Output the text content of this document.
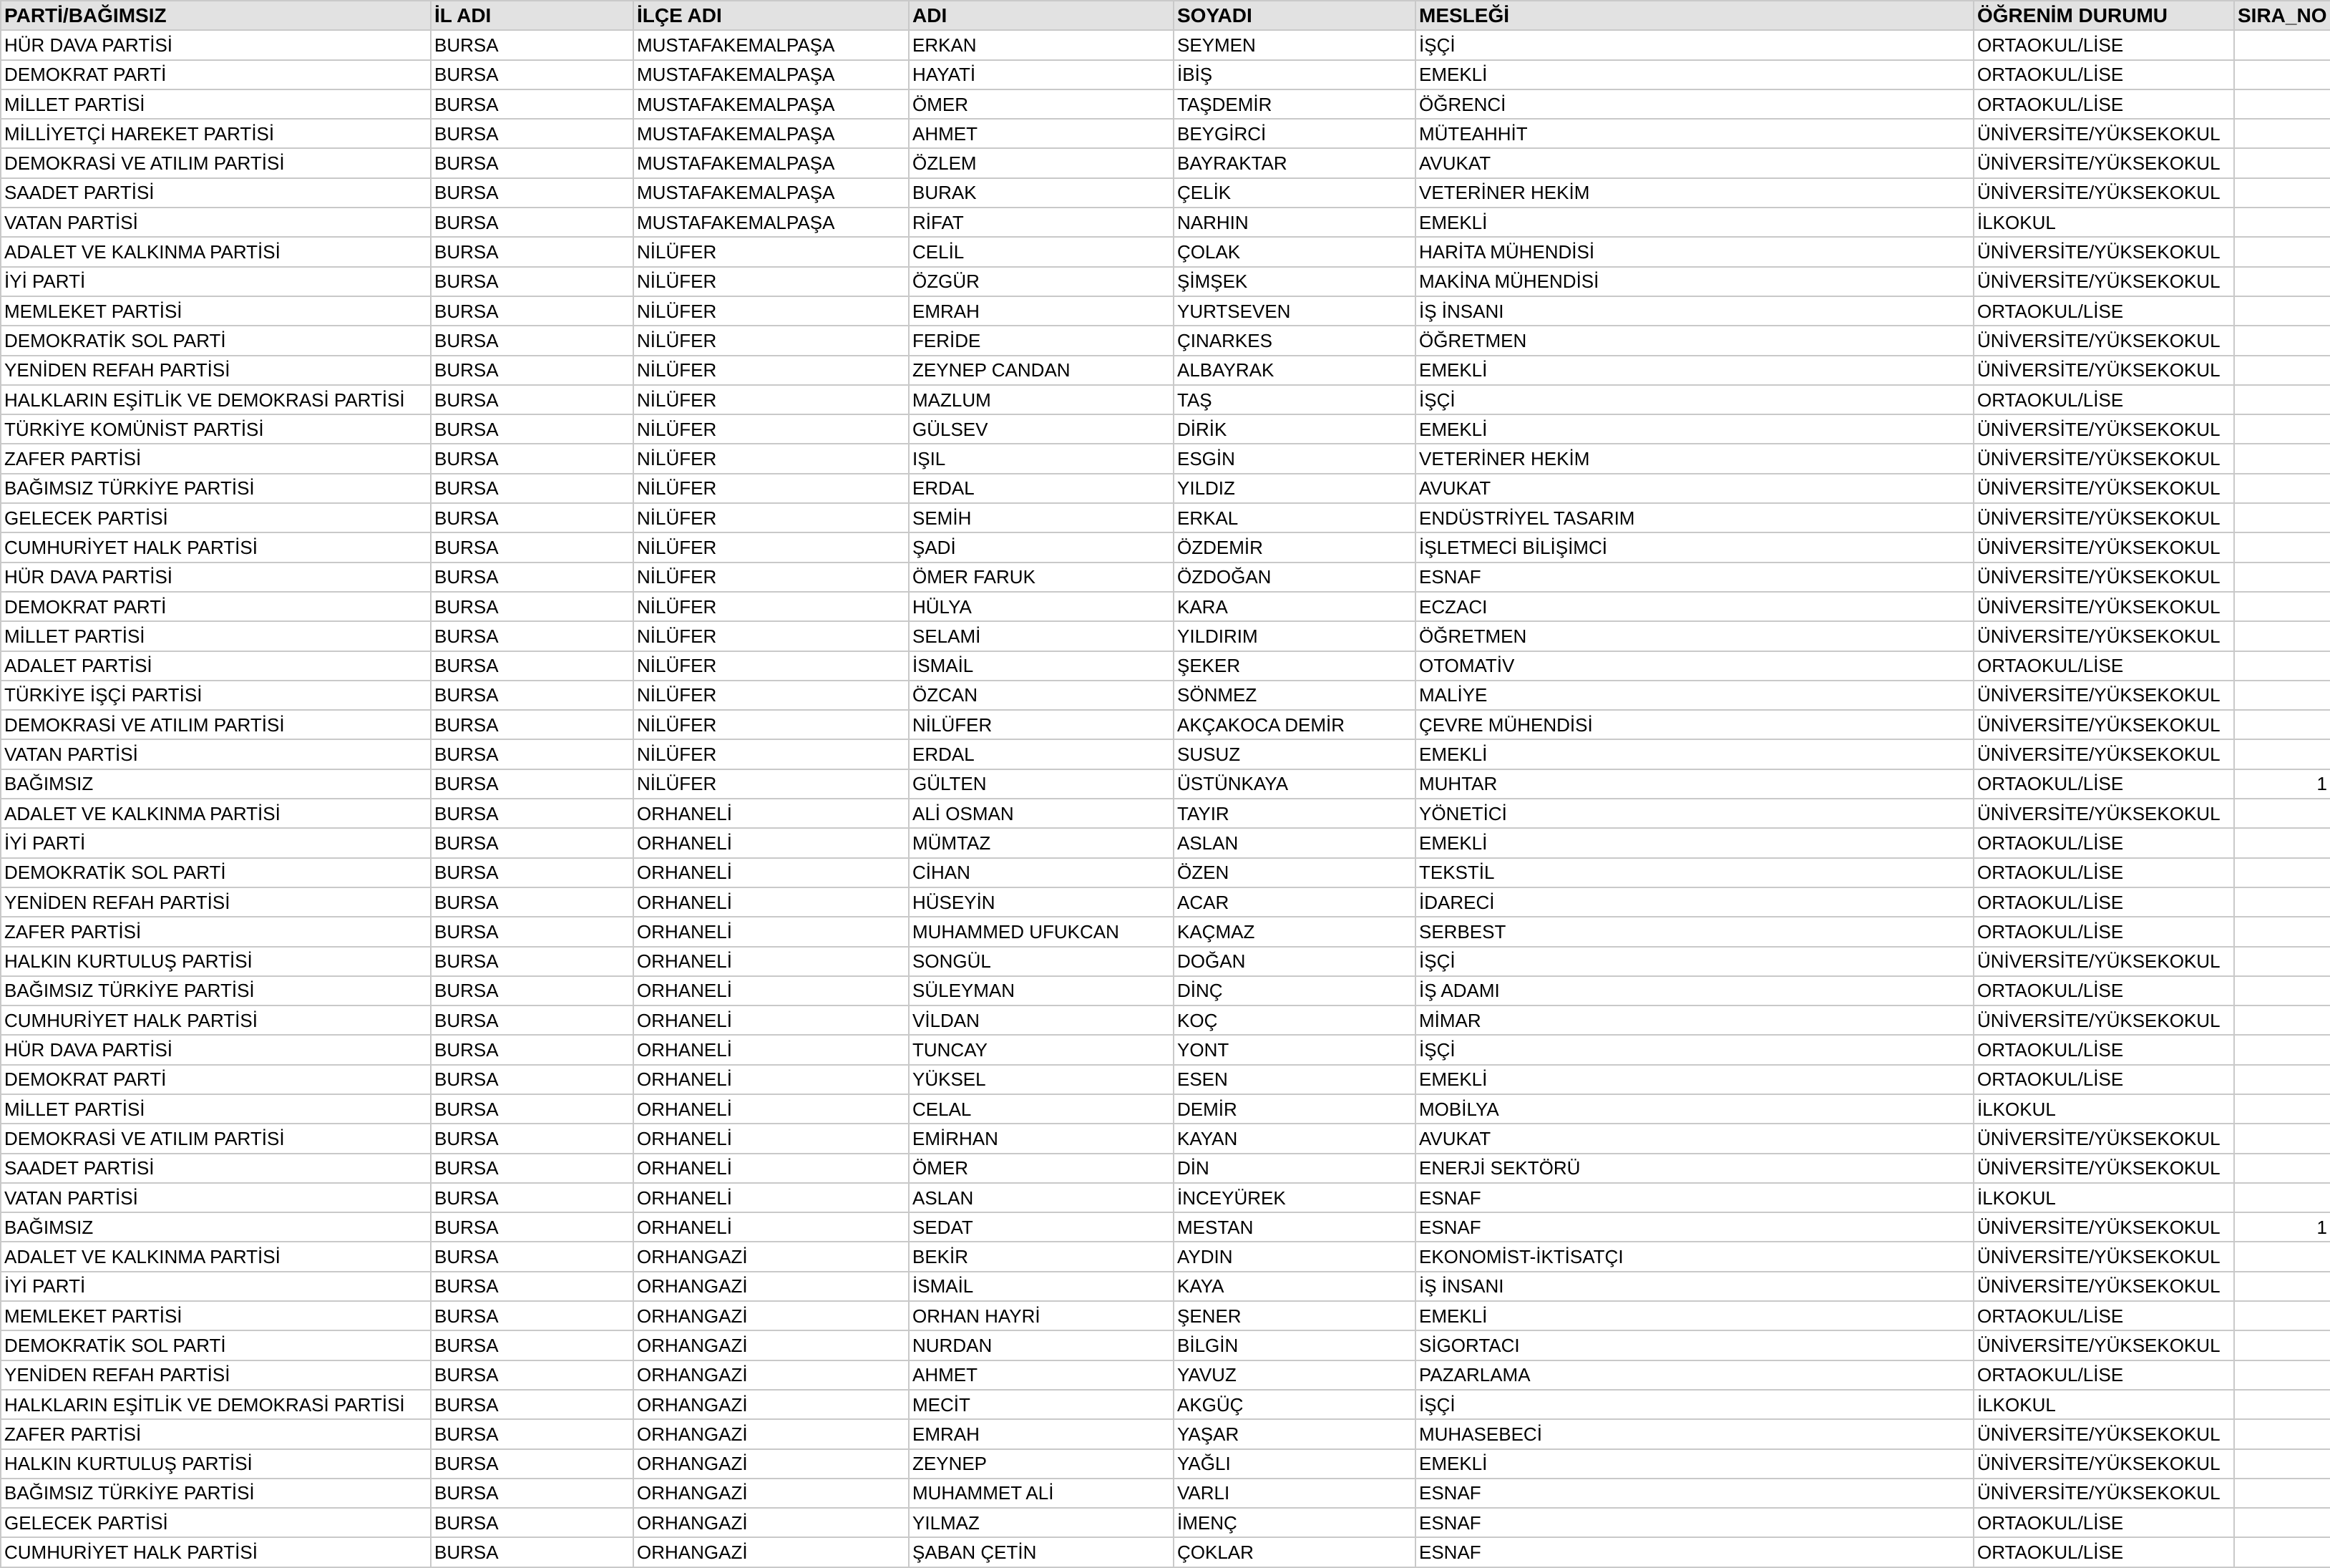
PARTİ/BAĞIMSIZ	İL ADI	İLÇE ADI	ADI	SOYADI	MESLEĞİ	ÖĞRENİM DURUMU	SIRA_NO
HÜR DAVA PARTİSİ	BURSA	MUSTAFAKEMALPAŞA	ERKAN	SEYMEN	İŞÇİ	ORTAOKUL/LİSE	
DEMOKRAT PARTİ	BURSA	MUSTAFAKEMALPAŞA	HAYATİ	İBİŞ	EMEKLİ	ORTAOKUL/LİSE	
MİLLET PARTİSİ	BURSA	MUSTAFAKEMALPAŞA	ÖMER	TAŞDEMİR	ÖĞRENCİ	ORTAOKUL/LİSE	
MİLLİYETÇİ HAREKET PARTİSİ	BURSA	MUSTAFAKEMALPAŞA	AHMET	BEYGİRCİ	MÜTEAHHİT	ÜNİVERSİTE/YÜKSEKOKUL	
DEMOKRASİ VE ATILIM PARTİSİ	BURSA	MUSTAFAKEMALPAŞA	ÖZLEM	BAYRAKTAR	AVUKAT	ÜNİVERSİTE/YÜKSEKOKUL	
SAADET PARTİSİ	BURSA	MUSTAFAKEMALPAŞA	BURAK	ÇELİK	VETERİNER HEKİM	ÜNİVERSİTE/YÜKSEKOKUL	
VATAN PARTİSİ	BURSA	MUSTAFAKEMALPAŞA	RİFAT	NARHIN	EMEKLİ	İLKOKUL	
ADALET VE KALKINMA PARTİSİ	BURSA	NİLÜFER	CELİL	ÇOLAK	HARİTA MÜHENDİSİ	ÜNİVERSİTE/YÜKSEKOKUL	
İYİ PARTİ	BURSA	NİLÜFER	ÖZGÜR	ŞİMŞEK	MAKİNA MÜHENDİSİ	ÜNİVERSİTE/YÜKSEKOKUL	
MEMLEKET PARTİSİ	BURSA	NİLÜFER	EMRAH	YURTSEVEN	İŞ İNSANI	ORTAOKUL/LİSE	
DEMOKRATİK SOL PARTİ	BURSA	NİLÜFER	FERİDE	ÇINARKES	ÖĞRETMEN	ÜNİVERSİTE/YÜKSEKOKUL	
YENİDEN REFAH PARTİSİ	BURSA	NİLÜFER	ZEYNEP CANDAN	ALBAYRAK	EMEKLİ	ÜNİVERSİTE/YÜKSEKOKUL	
HALKLARIN EŞİTLİK VE DEMOKRASİ PARTİSİ	BURSA	NİLÜFER	MAZLUM	TAŞ	İŞÇİ	ORTAOKUL/LİSE	
TÜRKİYE KOMÜNİST PARTİSİ	BURSA	NİLÜFER	GÜLSEV	DİRİK	EMEKLİ	ÜNİVERSİTE/YÜKSEKOKUL	
ZAFER PARTİSİ	BURSA	NİLÜFER	IŞIL	ESGİN	VETERİNER HEKİM	ÜNİVERSİTE/YÜKSEKOKUL	
BAĞIMSIZ TÜRKİYE PARTİSİ	BURSA	NİLÜFER	ERDAL	YILDIZ	AVUKAT	ÜNİVERSİTE/YÜKSEKOKUL	
GELECEK PARTİSİ	BURSA	NİLÜFER	SEMİH	ERKAL	ENDÜSTRİYEL TASARIM	ÜNİVERSİTE/YÜKSEKOKUL	
CUMHURİYET HALK PARTİSİ	BURSA	NİLÜFER	ŞADİ	ÖZDEMİR	İŞLETMECİ BİLİŞİMCİ	ÜNİVERSİTE/YÜKSEKOKUL	
HÜR DAVA PARTİSİ	BURSA	NİLÜFER	ÖMER FARUK	ÖZDOĞAN	ESNAF	ÜNİVERSİTE/YÜKSEKOKUL	
DEMOKRAT PARTİ	BURSA	NİLÜFER	HÜLYA	KARA	ECZACI	ÜNİVERSİTE/YÜKSEKOKUL	
MİLLET PARTİSİ	BURSA	NİLÜFER	SELAMİ	YILDIRIM	ÖĞRETMEN	ÜNİVERSİTE/YÜKSEKOKUL	
ADALET PARTİSİ	BURSA	NİLÜFER	İSMAİL	ŞEKER	OTOMATİV	ORTAOKUL/LİSE	
TÜRKİYE İŞÇİ PARTİSİ	BURSA	NİLÜFER	ÖZCAN	SÖNMEZ	MALİYE	ÜNİVERSİTE/YÜKSEKOKUL	
DEMOKRASİ VE ATILIM PARTİSİ	BURSA	NİLÜFER	NİLÜFER	AKÇAKOCA DEMİR	ÇEVRE MÜHENDİSİ	ÜNİVERSİTE/YÜKSEKOKUL	
VATAN PARTİSİ	BURSA	NİLÜFER	ERDAL	SUSUZ	EMEKLİ	ÜNİVERSİTE/YÜKSEKOKUL	
BAĞIMSIZ	BURSA	NİLÜFER	GÜLTEN	ÜSTÜNKAYA	MUHTAR	ORTAOKUL/LİSE	1
ADALET VE KALKINMA PARTİSİ	BURSA	ORHANELİ	ALİ OSMAN	TAYIR	YÖNETİCİ	ÜNİVERSİTE/YÜKSEKOKUL	
İYİ PARTİ	BURSA	ORHANELİ	MÜMTAZ	ASLAN	EMEKLİ	ORTAOKUL/LİSE	
DEMOKRATİK SOL PARTİ	BURSA	ORHANELİ	CİHAN	ÖZEN	TEKSTİL	ORTAOKUL/LİSE	
YENİDEN REFAH PARTİSİ	BURSA	ORHANELİ	HÜSEYİN	ACAR	İDARECİ	ORTAOKUL/LİSE	
ZAFER PARTİSİ	BURSA	ORHANELİ	MUHAMMED UFUKCAN	KAÇMAZ	SERBEST	ORTAOKUL/LİSE	
HALKIN KURTULUŞ PARTİSİ	BURSA	ORHANELİ	SONGÜL	DOĞAN	İŞÇİ	ÜNİVERSİTE/YÜKSEKOKUL	
BAĞIMSIZ TÜRKİYE PARTİSİ	BURSA	ORHANELİ	SÜLEYMAN	DİNÇ	İŞ ADAMI	ORTAOKUL/LİSE	
CUMHURİYET HALK PARTİSİ	BURSA	ORHANELİ	VİLDAN	KOÇ	MİMAR	ÜNİVERSİTE/YÜKSEKOKUL	
HÜR DAVA PARTİSİ	BURSA	ORHANELİ	TUNCAY	YONT	İŞÇİ	ORTAOKUL/LİSE	
DEMOKRAT PARTİ	BURSA	ORHANELİ	YÜKSEL	ESEN	EMEKLİ	ORTAOKUL/LİSE	
MİLLET PARTİSİ	BURSA	ORHANELİ	CELAL	DEMİR	MOBİLYA	İLKOKUL	
DEMOKRASİ VE ATILIM PARTİSİ	BURSA	ORHANELİ	EMİRHAN	KAYAN	AVUKAT	ÜNİVERSİTE/YÜKSEKOKUL	
SAADET PARTİSİ	BURSA	ORHANELİ	ÖMER	DİN	ENERJİ SEKTÖRÜ	ÜNİVERSİTE/YÜKSEKOKUL	
VATAN PARTİSİ	BURSA	ORHANELİ	ASLAN	İNCEYÜREK	ESNAF	İLKOKUL	
BAĞIMSIZ	BURSA	ORHANELİ	SEDAT	MESTAN	ESNAF	ÜNİVERSİTE/YÜKSEKOKUL	1
ADALET VE KALKINMA PARTİSİ	BURSA	ORHANGAZİ	BEKİR	AYDIN	EKONOMİST-İKTİSATÇI	ÜNİVERSİTE/YÜKSEKOKUL	
İYİ PARTİ	BURSA	ORHANGAZİ	İSMAİL	KAYA	İŞ İNSANI	ÜNİVERSİTE/YÜKSEKOKUL	
MEMLEKET PARTİSİ	BURSA	ORHANGAZİ	ORHAN HAYRİ	ŞENER	EMEKLİ	ORTAOKUL/LİSE	
DEMOKRATİK SOL PARTİ	BURSA	ORHANGAZİ	NURDAN	BİLGİN	SİGORTACI	ÜNİVERSİTE/YÜKSEKOKUL	
YENİDEN REFAH PARTİSİ	BURSA	ORHANGAZİ	AHMET	YAVUZ	PAZARLAMA	ORTAOKUL/LİSE	
HALKLARIN EŞİTLİK VE DEMOKRASİ PARTİSİ	BURSA	ORHANGAZİ	MECİT	AKGÜÇ	İŞÇİ	İLKOKUL	
ZAFER PARTİSİ	BURSA	ORHANGAZİ	EMRAH	YAŞAR	MUHASEBECİ	ÜNİVERSİTE/YÜKSEKOKUL	
HALKIN KURTULUŞ PARTİSİ	BURSA	ORHANGAZİ	ZEYNEP	YAĞLI	EMEKLİ	ÜNİVERSİTE/YÜKSEKOKUL	
BAĞIMSIZ TÜRKİYE PARTİSİ	BURSA	ORHANGAZİ	MUHAMMET ALİ	VARLI	ESNAF	ÜNİVERSİTE/YÜKSEKOKUL	
GELECEK PARTİSİ	BURSA	ORHANGAZİ	YILMAZ	İMENÇ	ESNAF	ORTAOKUL/LİSE	
CUMHURİYET HALK PARTİSİ	BURSA	ORHANGAZİ	ŞABAN ÇETİN	ÇOKLAR	ESNAF	ORTAOKUL/LİSE	
